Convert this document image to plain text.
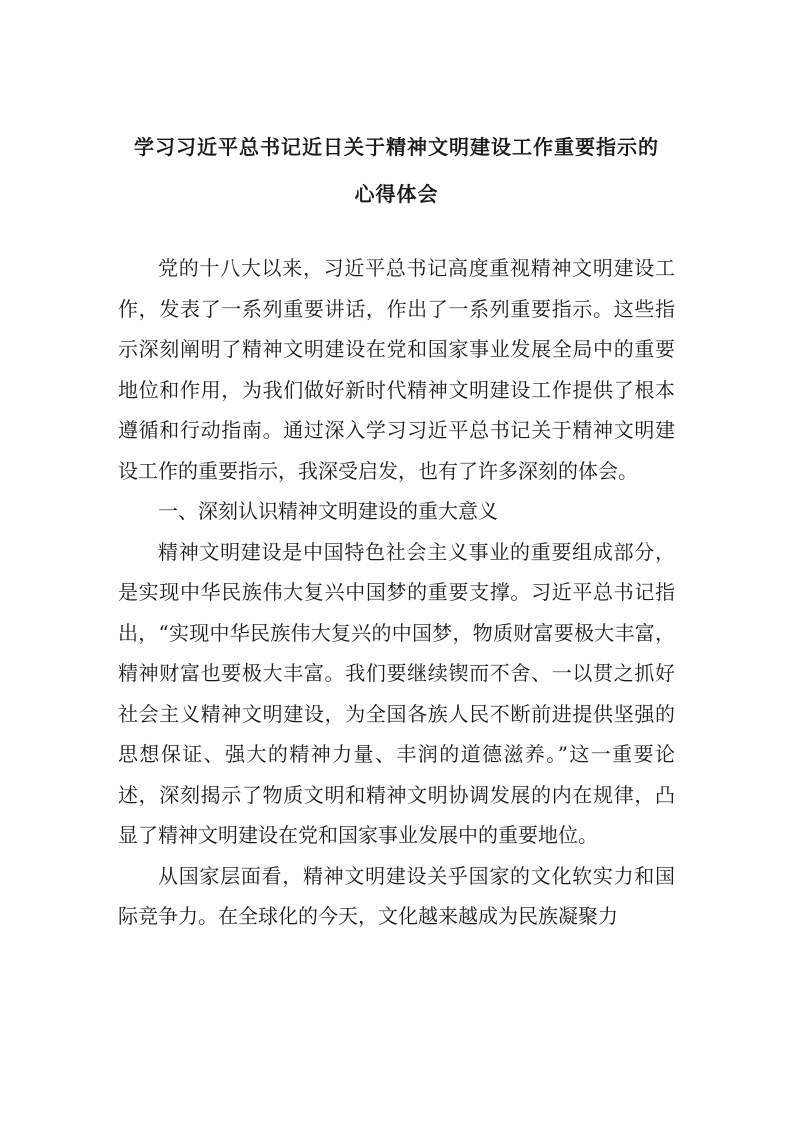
学习习近平总书记近日关于精神文明建设工作重要指示的
心得体会

党的十八大以来，习近平总书记高度重视精神文明建设工作，发表了一系列重要讲话，作出了一系列重要指示。这些指示深刻阐明了精神文明建设在党和国家事业发展全局中的重要地位和作用，为我们做好新时代精神文明建设工作提供了根本遵循和行动指南。通过深入学习习近平总书记关于精神文明建设工作的重要指示，我深受启发，也有了许多深刻的体会。

一、深刻认识精神文明建设的重大意义

精神文明建设是中国特色社会主义事业的重要组成部分，是实现中华民族伟大复兴中国梦的重要支撑。习近平总书记指出，“实现中华民族伟大复兴的中国梦，物质财富要极大丰富，精神财富也要极大丰富。我们要继续锲而不舍、一以贯之抓好社会主义精神文明建设，为全国各族人民不断前进提供坚强的思想保证、强大的精神力量、丰润的道德滋养。”这一重要论述，深刻揭示了物质文明和精神文明协调发展的内在规律，凸显了精神文明建设在党和国家事业发展中的重要地位。

从国家层面看，精神文明建设关乎国家的文化软实力和国际竞争力。在全球化的今天，文化越来越成为民族凝聚力
